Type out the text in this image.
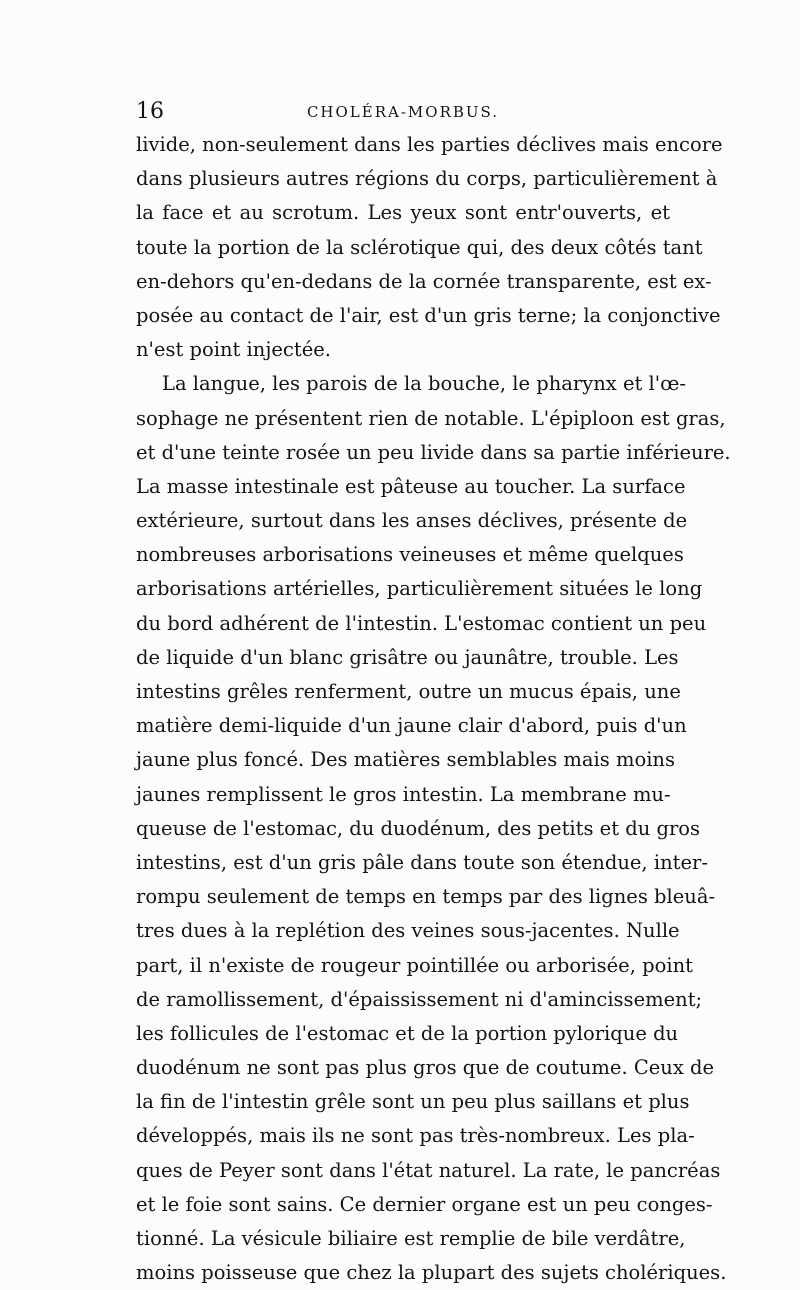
16	CHOLÉRA-MORBUS.
livide, non-seulement dans les parties déclives mais encore
dans plusieurs autres régions du corps, particulièrement à
la face et au scrotum. Les yeux sont entr'ouverts, et
toute la portion de la sclérotique qui, des deux côtés tant
en-dehors qu'en-dedans de la cornée transparente, est ex-
posée au contact de l'air, est d'un gris terne; la conjonctive
n'est point injectée.
La langue, les parois de la bouche, le pharynx et l'œ-
sophage ne présentent rien de notable. L'épiploon est gras,
et d'une teinte rosée un peu livide dans sa partie inférieure.
La masse intestinale est pâteuse au toucher. La surface
extérieure, surtout dans les anses déclives, présente de
nombreuses arborisations veineuses et même quelques
arborisations artérielles, particulièrement situées le long
du bord adhérent de l'intestin. L'estomac contient un peu
de liquide d'un blanc grisâtre ou jaunâtre, trouble. Les
intestins grêles renferment, outre un mucus épais, une
matière demi-liquide d'un jaune clair d'abord, puis d'un
jaune plus foncé. Des matières semblables mais moins
jaunes remplissent le gros intestin. La membrane mu-
queuse de l'estomac, du duodénum, des petits et du gros
intestins, est d'un gris pâle dans toute son étendue, inter-
rompu seulement de temps en temps par des lignes bleuâ-
tres dues à la replétion des veines sous-jacentes. Nulle
part, il n'existe de rougeur pointillée ou arborisée, point
de ramollissement, d'épaississement ni d'amincissement;
les follicules de l'estomac et de la portion pylorique du
duodénum ne sont pas plus gros que de coutume. Ceux de
la fin de l'intestin grêle sont un peu plus saillans et plus
développés, mais ils ne sont pas très-nombreux. Les pla-
ques de Peyer sont dans l'état naturel. La rate, le pancréas
et le foie sont sains. Ce dernier organe est un peu conges-
tionné. La vésicule biliaire est remplie de bile verdâtre,
moins poisseuse que chez la plupart des sujets cholériques.
